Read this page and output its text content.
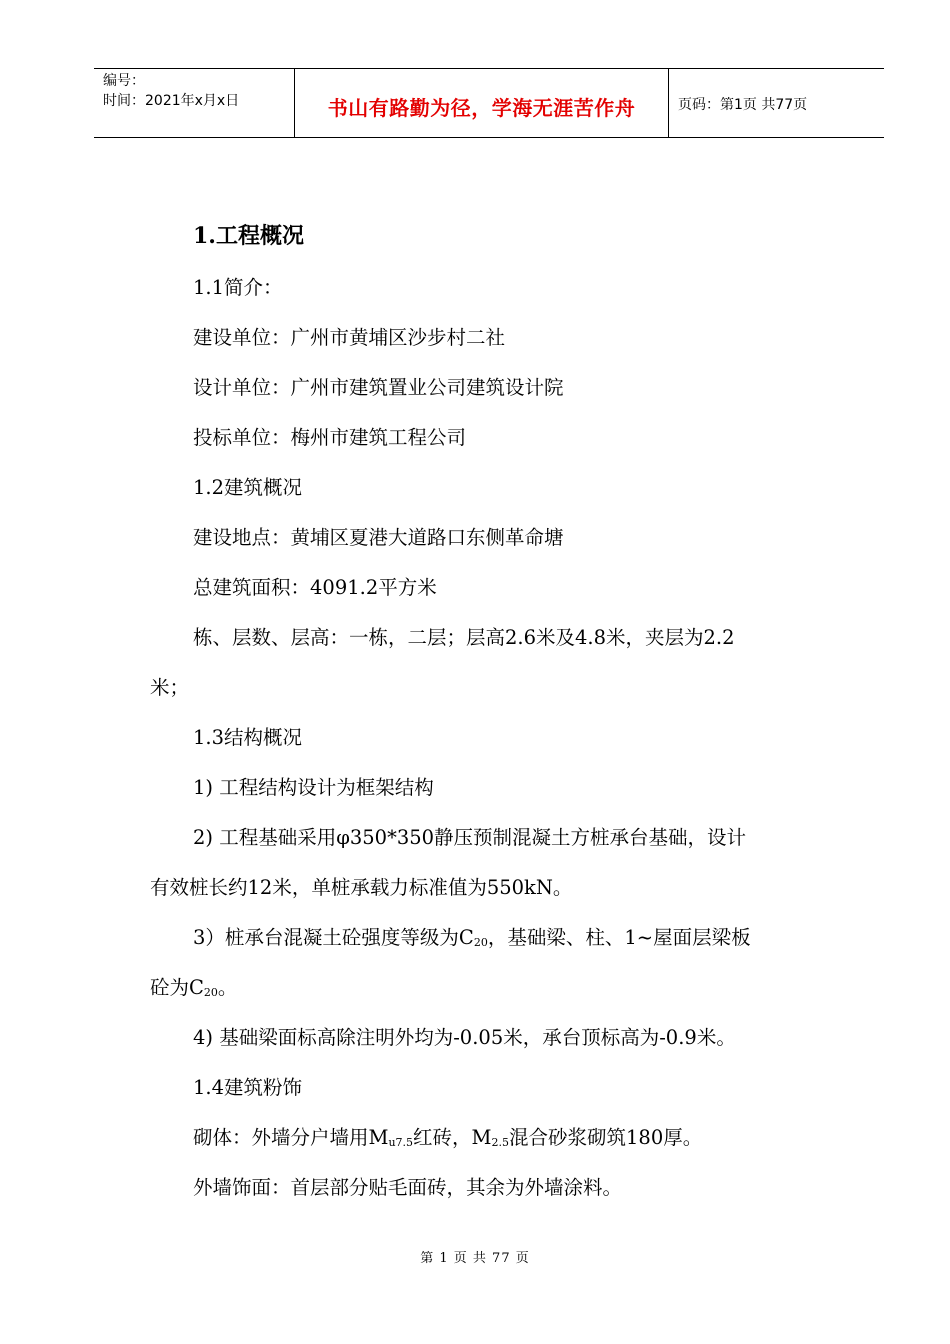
编号：
时间：2021年x月x日	书山有路勤为径，学海无涯苦作舟	页码：第1页 共77页
1.工程概况
1.1简介：
建设单位：广州市黄埔区沙步村二社
设计单位：广州市建筑置业公司建筑设计院
投标单位：梅州市建筑工程公司
1.2建筑概况
建设地点：黄埔区夏港大道路口东侧革命塘
总建筑面积：4091.2平方米
栋、层数、层高：一栋，二层；层高2.6米及4.8米，夹层为2.2
米；
1.3结构概况
1) 工程结构设计为框架结构
2) 工程基础采用φ350*350静压预制混凝土方桩承台基础，设计
有效桩长约12米，单桩承载力标准值为550kN。
3）桩承台混凝土砼强度等级为$C_{20}$，基础梁、柱、1~屋面层梁板
砼为$C_{20}$。
4) 基础梁面标高除注明外均为-0.05米，承台顶标高为-0.9米。
1.4建筑粉饰
砌体：外墙分户墙用$M_{u7.5}$红砖，$M_{2.5}$混合砂浆砌筑180厚。
外墙饰面：首层部分贴毛面砖，其余为外墙涂料。
第 1 页 共 77 页
